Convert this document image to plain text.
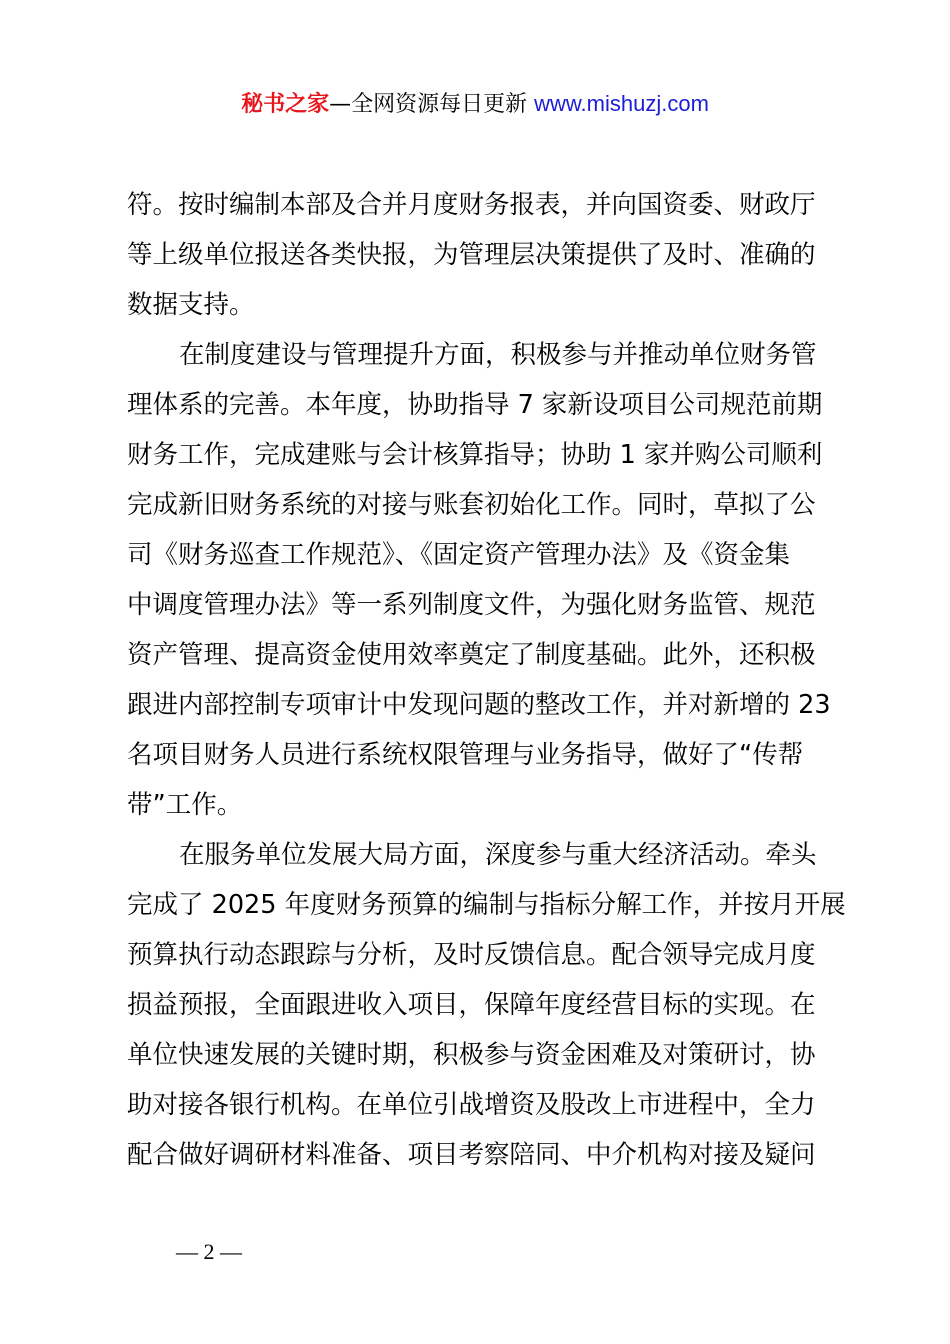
秘书之家—全网资源每日更新 www.mishuzj.com
符。按时编制本部及合并月度财务报表，并向国资委、财政厅
等上级单位报送各类快报，为管理层决策提供了及时、准确的
数据支持。
在制度建设与管理提升方面，积极参与并推动单位财务管
理体系的完善。本年度，协助指导 7 家新设项目公司规范前期
财务工作，完成建账与会计核算指导；协助 1 家并购公司顺利
完成新旧财务系统的对接与账套初始化工作。同时，草拟了公
司《财务巡查工作规范》、《固定资产管理办法》及《资金集
中调度管理办法》等一系列制度文件，为强化财务监管、规范
资产管理、提高资金使用效率奠定了制度基础。此外，还积极
跟进内部控制专项审计中发现问题的整改工作，并对新增的 23
名项目财务人员进行系统权限管理与业务指导，做好了“传帮
带”工作。
在服务单位发展大局方面，深度参与重大经济活动。牵头
完成了 2025 年度财务预算的编制与指标分解工作，并按月开展
预算执行动态跟踪与分析，及时反馈信息。配合领导完成月度
损益预报，全面跟进收入项目，保障年度经营目标的实现。在
单位快速发展的关键时期，积极参与资金困难及对策研讨，协
助对接各银行机构。在单位引战增资及股改上市进程中，全力
配合做好调研材料准备、项目考察陪同、中介机构对接及疑问
— 2 —
